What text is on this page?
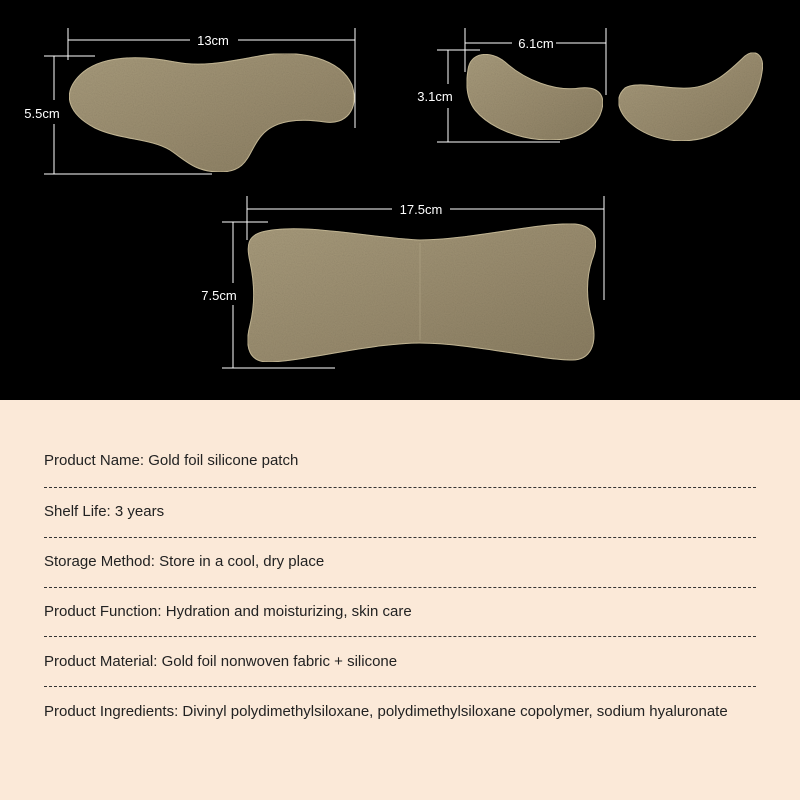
13cm
5.5cm
6.1cm
3.1cm
17.5cm
7.5cm
Product Name: Gold foil silicone patch
Shelf Life: 3 years
Storage Method: Store in a cool, dry place
Product Function: Hydration and moisturizing, skin care
Product Material: Gold foil nonwoven fabric + silicone
Product Ingredients: Divinyl polydimethylsiloxane, polydimethylsiloxane copolymer, sodium hyaluronate
